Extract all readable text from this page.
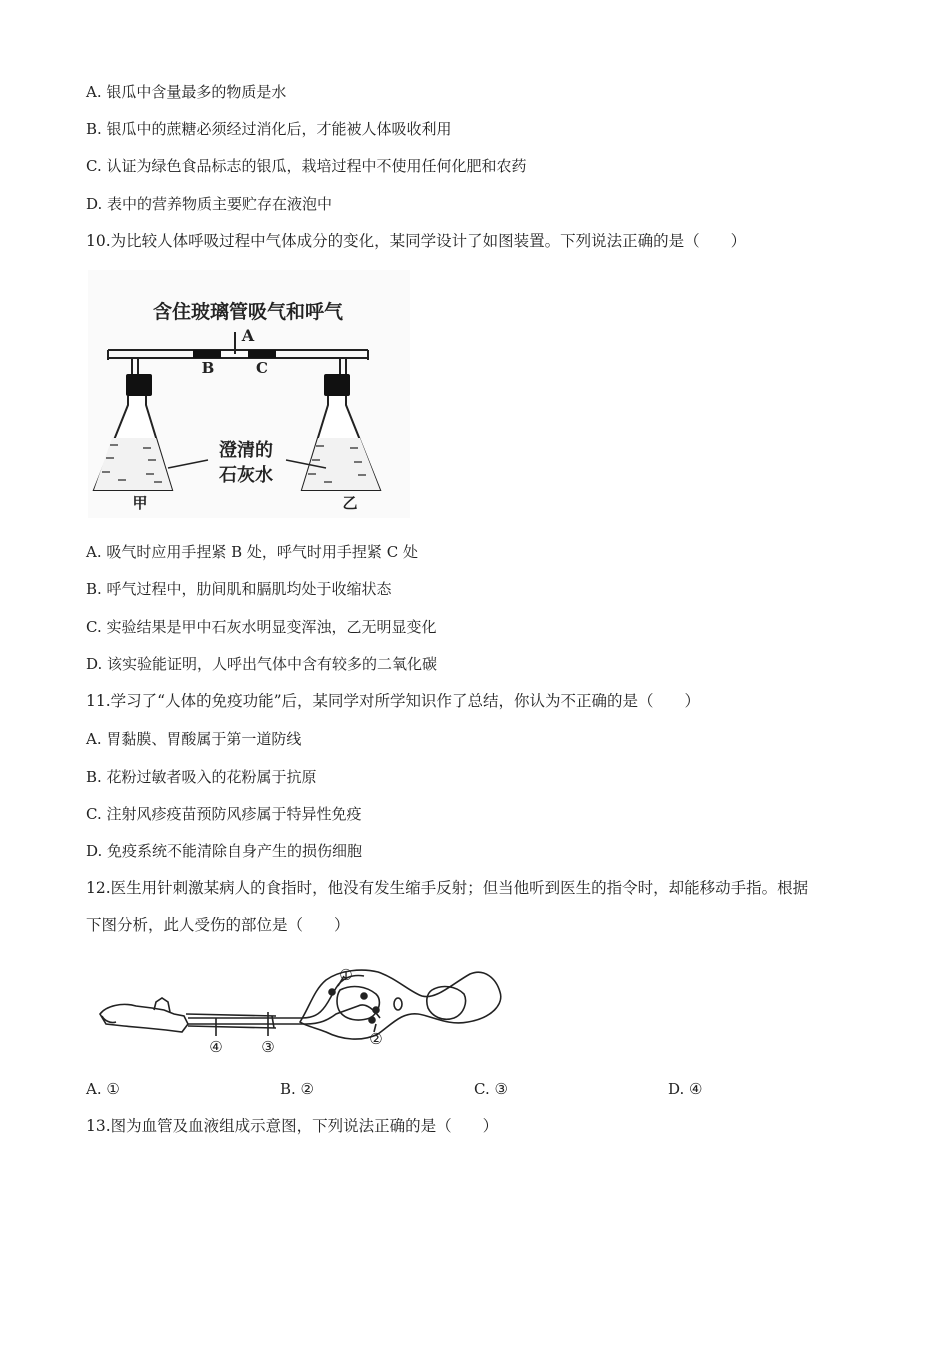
A. 银瓜中含量最多的物质是水
B. 银瓜中的蔗糖必须经过消化后，才能被人体吸收利用
C. 认证为绿色食品标志的银瓜，栽培过程中不使用任何化肥和农药
D. 表中的营养物质主要贮存在液泡中
10.为比较人体呼吸过程中气体成分的变化，某同学设计了如图装置。下列说法正确的是（　　）
含住玻璃管吸气和呼气
A
B	C
甲	乙
澄清的
石灰水
A. 吸气时应用手捏紧 B 处，呼气时用手捏紧 C 处
B. 呼气过程中，肋间肌和膈肌均处于收缩状态
C. 实验结果是甲中石灰水明显变浑浊，乙无明显变化
D. 该实验能证明，人呼出气体中含有较多的二氧化碳
11.学习了“人体的免疫功能”后，某同学对所学知识作了总结，你认为不正确的是（　　）
A. 胃黏膜、胃酸属于第一道防线
B. 花粉过敏者吸入的花粉属于抗原
C. 注射风疹疫苗预防风疹属于特异性免疫
D. 免疫系统不能清除自身产生的损伤细胞
12.医生用针刺激某病人的食指时，他没有发生缩手反射；但当他听到医生的指令时，却能移动手指。根据
下图分析，此人受伤的部位是（　　）
①
②
③
④
A. ①	B. ②	C. ③	D. ④
13.图为血管及血液组成示意图，下列说法正确的是（　　）
